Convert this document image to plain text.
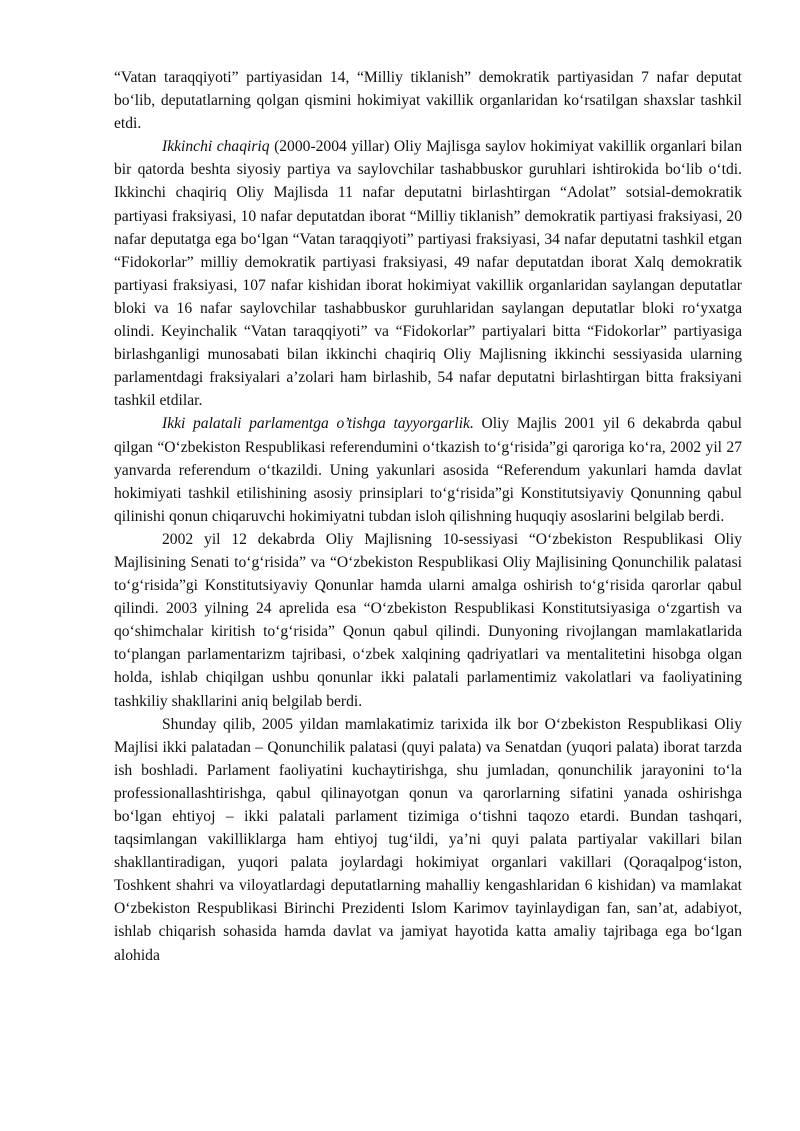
“Vatan taraqqiyoti” partiyasidan 14, “Milliy tiklanish” demokratik partiyasidan 7 nafar deputat boʻlib, deputatlarning qolgan qismini hokimiyat vakillik organlaridan koʻrsatilgan shaxslar tashkil etdi.

Ikkinchi chaqiriq (2000-2004 yillar) Oliy Majlisga saylov hokimiyat vakillik organlari bilan bir qatorda beshta siyosiy partiya va saylovchilar tashabbuskor guruhlari ishtirokida boʻlib oʻtdi. Ikkinchi chaqiriq Oliy Majlisda 11 nafar deputatni birlashtirgan “Adolat” sotsial-demokratik partiyasi fraksiyasi, 10 nafar deputatdan iborat “Milliy tiklanish” demokratik partiyasi fraksiyasi, 20 nafar deputatga ega boʻlgan “Vatan taraqqiyoti” partiyasi fraksiyasi, 34 nafar deputatni tashkil etgan “Fidokorlar” milliy demokratik partiyasi fraksiyasi, 49 nafar deputatdan iborat Xalq demokratik partiyasi fraksiyasi, 107 nafar kishidan iborat hokimiyat vakillik organlaridan saylangan deputatlar bloki va 16 nafar saylovchilar tashabbuskor guruhlaridan saylangan deputatlar bloki roʻyxatga olindi. Keyinchalik “Vatan taraqqiyoti” va “Fidokorlar” partiyalari bitta “Fidokorlar” partiyasiga birlashganligi munosabati bilan ikkinchi chaqiriq Oliy Majlisning ikkinchi sessiyasida ularning parlamentdagi fraksiyalari a’zolari ham birlashib, 54 nafar deputatni birlashtirgan bitta fraksiyani tashkil etdilar.

Ikki palatali parlamentga o’tishga tayyorgarlik. Oliy Majlis 2001 yil 6 dekabrda qabul qilgan “Oʻzbekiston Respublikasi referendumini oʻtkazish toʻgʻrisida”gi qaroriga koʻra, 2002 yil 27 yanvarda referendum oʻtkazildi. Uning yakunlari asosida “Referendum yakunlari hamda davlat hokimiyati tashkil etilishining asosiy prinsiplari toʻgʻrisida”gi Konstitutsiyaviy Qonunning qabul qilinishi qonun chiqaruvchi hokimiyatni tubdan isloh qilishning huquqiy asoslarini belgilab berdi.

2002 yil 12 dekabrda Oliy Majlisning 10-sessiyasi “Oʻzbekiston Respublikasi Oliy Majlisining Senati toʻgʻrisida” va “Oʻzbekiston Respublikasi Oliy Majlisining Qonunchilik palatasi toʻgʻrisida”gi Konstitutsiyaviy Qonunlar hamda ularni amalga oshirish toʻgʻrisida qarorlar qabul qilindi. 2003 yilning 24 aprelida esa “Oʻzbekiston Respublikasi Konstitutsiyasiga oʻzgartish va qoʻshimchalar kiritish toʻgʻrisida” Qonun qabul qilindi. Dunyoning rivojlangan mamlakatlarida toʻplangan parlamentarizm tajribasi, oʻzbek xalqining qadriyatlari va mentalitetini hisobga olgan holda, ishlab chiqilgan ushbu qonunlar ikki palatali parlamentimiz vakolatlari va faoliyatining tashkiliy shakllarini aniq belgilab berdi.

Shunday qilib, 2005 yildan mamlakatimiz tarixida ilk bor Oʻzbekiston Respublikasi Oliy Majlisi ikki palatadan – Qonunchilik palatasi (quyi palata) va Senatdan (yuqori palata) iborat tarzda ish boshladi. Parlament faoliyatini kuchaytirishga, shu jumladan, qonunchilik jarayonini toʻla professionallashtirishga, qabul qilinayotgan qonun va qarorlarning sifatini yanada oshirishga boʻlgan ehtiyoj – ikki palatali parlament tizimiga oʻtishni taqozo etardi. Bundan tashqari, taqsimlangan vakilliklarga ham ehtiyoj tugʻildi, ya’ni quyi palata partiyalar vakillari bilan shakllantiradigan, yuqori palata joylardagi hokimiyat organlari vakillari (Qoraqalpogʻiston, Toshkent shahri va viloyatlardagi deputatlarning mahalliy kengashlaridan 6 kishidan) va mamlakat Oʻzbekiston Respublikasi Birinchi Prezidenti Islom Karimov tayinlaydigan fan, san’at, adabiyot, ishlab chiqarish sohasida hamda davlat va jamiyat hayotida katta amaliy tajribaga ega boʻlgan alohida
